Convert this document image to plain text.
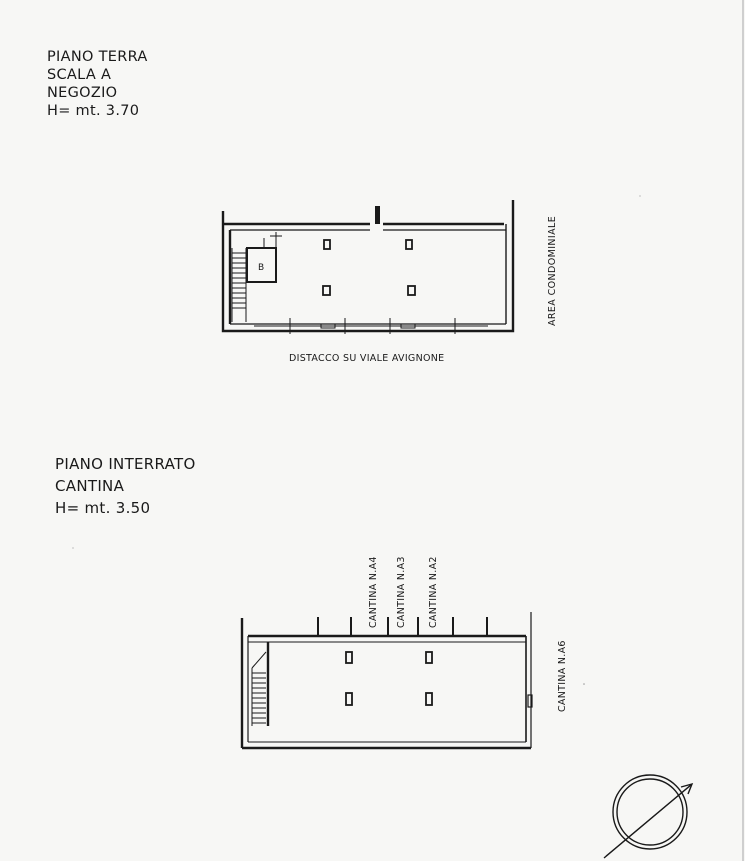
PIANO TERRA
SCALA A
NEGOZIO
H= mt. 3.70
PIANO INTERRATO
CANTINA
H= mt. 3.50
B	AREA CONDOMINIALE
DISTACCO SU VIALE AVIGNONE
CANTINA N.A4 CANTINA N.A3 CANTINA N.A2
CANTINA N.A6
